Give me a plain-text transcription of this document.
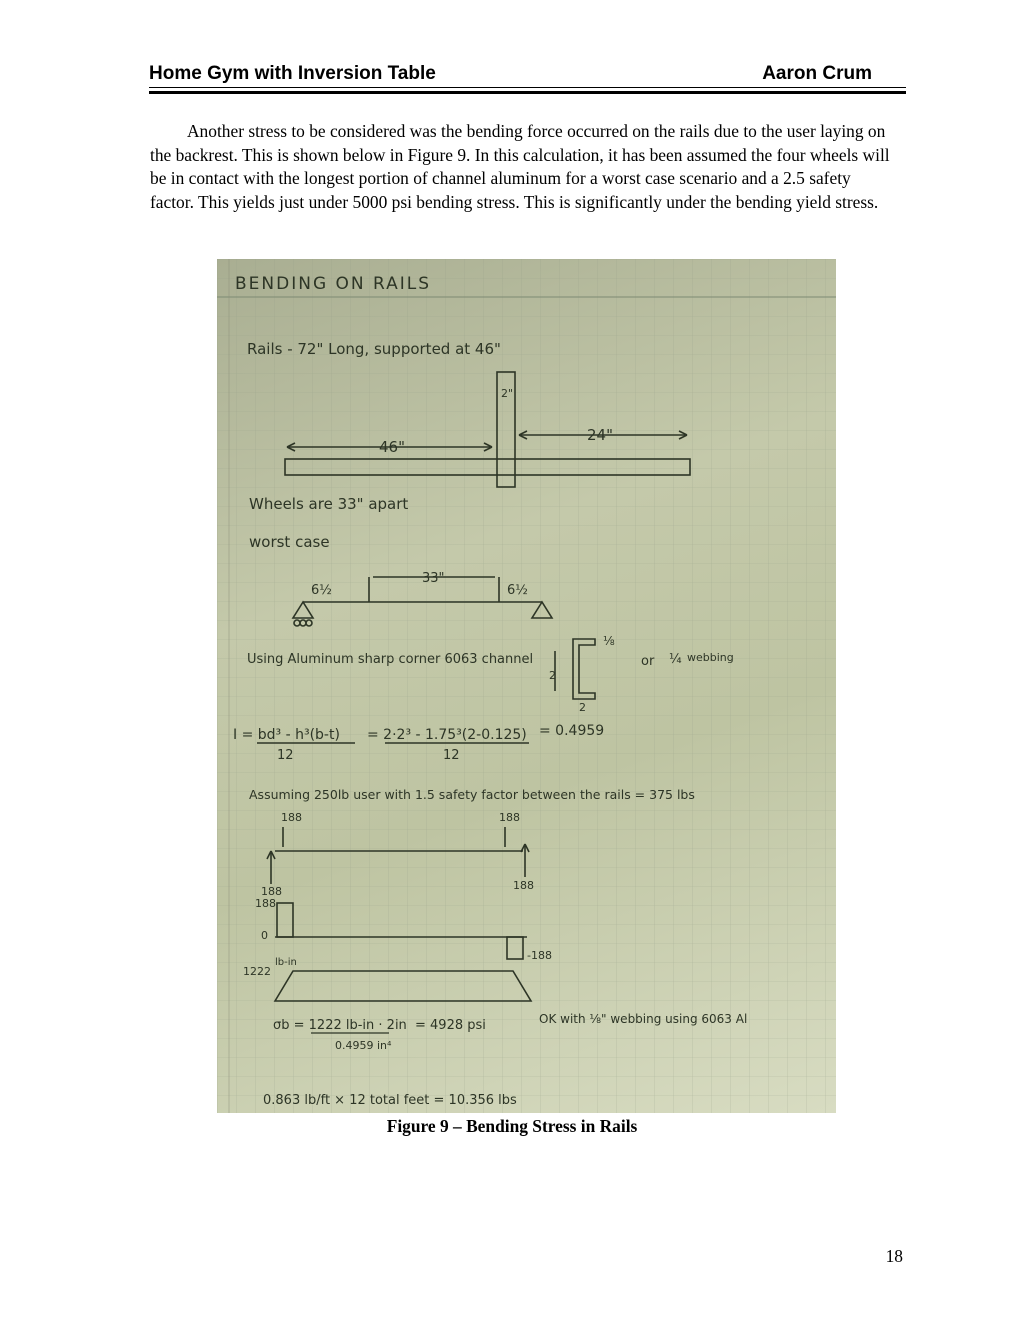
Home Gym with Inversion Table	Aaron Crum

Another stress to be considered was the bending force occurred on the rails due to the user laying on the backrest. This is shown below in Figure 9. In this calculation, it has been assumed the four wheels will be in contact with the longest portion of channel aluminum for a worst case scenario and a 2.5 safety factor. This yields just under 5000 psi bending stress. This is significantly under the bending yield stress.

BENDING ON RAILS
Rails - 72" Long, supported at 46"
46"
24"
2"
Wheels are 33" apart
worst case
6½
33"
6½
Using Aluminum sharp corner 6063 channel
⅛
or ¼ webbing
2
2
I = bd³ - h³(b-t)
12
= 2·2³ - 1.75³(2-0.125)
12
= 0.4959
Assuming 250lb user with 1.5 safety factor between the rails = 375 lbs
188	188
188	188
188
0
-188
1222
lb-in
σb = 1222 lb-in · 2in
0.4959 in⁴
= 4928 psi	OK with ⅛" webbing using 6063 Al
0.863 lb/ft × 12 total feet = 10.356 lbs
Figure 9 – Bending Stress in Rails
18
